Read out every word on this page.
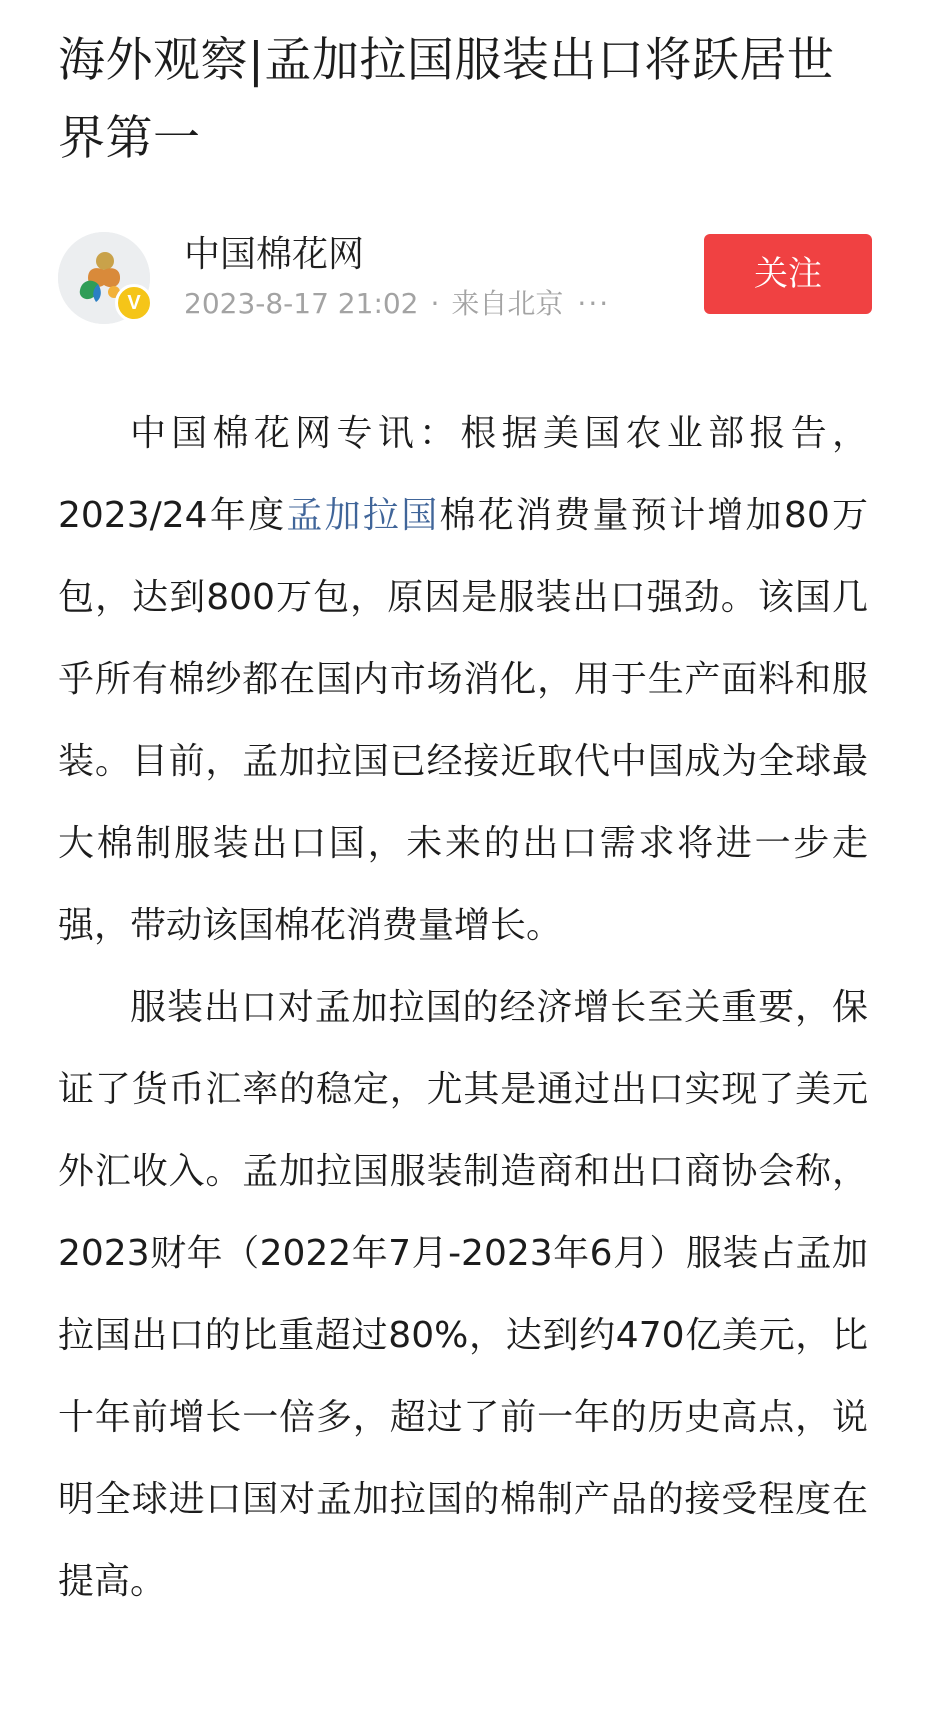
海外观察|孟加拉国服装出口将跃居世界第一
V
中国棉花网
2023-8-17 21:02 · 来自北京 ···
关注

中国棉花网专讯：根据美国农业部报告，2023/24年度孟加拉国棉花消费量预计增加80万包，达到800万包，原因是服装出口强劲。该国几乎所有棉纱都在国内市场消化，用于生产面料和服装。目前，孟加拉国已经接近取代中国成为全球最大棉制服装出口国，未来的出口需求将进一步走强，带动该国棉花消费量增长。

服装出口对孟加拉国的经济增长至关重要，保证了货币汇率的稳定，尤其是通过出口实现了美元外汇收入。孟加拉国服装制造商和出口商协会称，2023财年（2022年7月-2023年6月）服装占孟加拉国出口的比重超过80%，达到约470亿美元，比十年前增长一倍多，超过了前一年的历史高点，说明全球进口国对孟加拉国的棉制产品的接受程度在提高。
